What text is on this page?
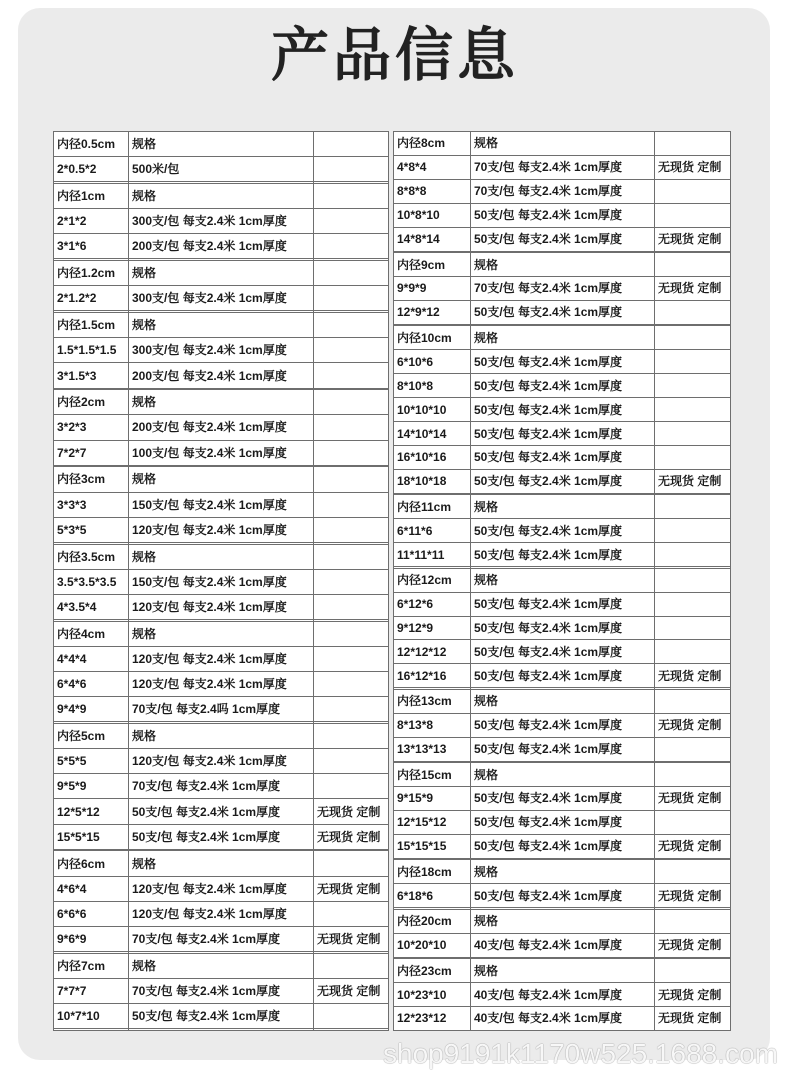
产品信息
内径0.5cm	规格	
2*0.5*2	500米/包	

内径1cm	规格	
2*1*2	300支/包 每支2.4米 1cm厚度	
3*1*6	200支/包 每支2.4米 1cm厚度	

内径1.2cm	规格	
2*1.2*2	300支/包 每支2.4米 1cm厚度	

内径1.5cm	规格	
1.5*1.5*1.5	300支/包 每支2.4米 1cm厚度	
3*1.5*3	200支/包 每支2.4米 1cm厚度	

内径2cm	规格	
3*2*3	200支/包 每支2.4米 1cm厚度	
7*2*7	100支/包 每支2.4米 1cm厚度	

内径3cm	规格	
3*3*3	150支/包 每支2.4米 1cm厚度	
5*3*5	120支/包 每支2.4米 1cm厚度	

内径3.5cm	规格	
3.5*3.5*3.5	150支/包 每支2.4米 1cm厚度	
4*3.5*4	120支/包 每支2.4米 1cm厚度	

内径4cm	规格	
4*4*4	120支/包 每支2.4米 1cm厚度	
6*4*6	120支/包 每支2.4米 1cm厚度	
9*4*9	70支/包 每支2.4吗 1cm厚度	

内径5cm	规格	
5*5*5	120支/包 每支2.4米 1cm厚度	
9*5*9	70支/包 每支2.4米 1cm厚度	
12*5*12	50支/包 每支2.4米 1cm厚度	无现货 定制
15*5*15	50支/包 每支2.4米 1cm厚度	无现货 定制

内径6cm	规格	
4*6*4	120支/包 每支2.4米 1cm厚度	无现货 定制
6*6*6	120支/包 每支2.4米 1cm厚度	
9*6*9	70支/包 每支2.4米 1cm厚度	无现货 定制

内径7cm	规格	
7*7*7	70支/包 每支2.4米 1cm厚度	无现货 定制
10*7*10	50支/包 每支2.4米 1cm厚度	

内径8cm	规格	
4*8*4	70支/包 每支2.4米 1cm厚度	无现货 定制
8*8*8	70支/包 每支2.4米 1cm厚度	
10*8*10	50支/包 每支2.4米 1cm厚度	
14*8*14	50支/包 每支2.4米 1cm厚度	无现货 定制

内径9cm	规格	
9*9*9	70支/包 每支2.4米 1cm厚度	无现货 定制
12*9*12	50支/包 每支2.4米 1cm厚度	

内径10cm	规格	
6*10*6	50支/包 每支2.4米 1cm厚度	
8*10*8	50支/包 每支2.4米 1cm厚度	
10*10*10	50支/包 每支2.4米 1cm厚度	
14*10*14	50支/包 每支2.4米 1cm厚度	
16*10*16	50支/包 每支2.4米 1cm厚度	
18*10*18	50支/包 每支2.4米 1cm厚度	无现货 定制

内径11cm	规格	
6*11*6	50支/包 每支2.4米 1cm厚度	
11*11*11	50支/包 每支2.4米 1cm厚度	

内径12cm	规格	
6*12*6	50支/包 每支2.4米 1cm厚度	
9*12*9	50支/包 每支2.4米 1cm厚度	
12*12*12	50支/包 每支2.4米 1cm厚度	
16*12*16	50支/包 每支2.4米 1cm厚度	无现货 定制

内径13cm	规格	
8*13*8	50支/包 每支2.4米 1cm厚度	无现货 定制
13*13*13	50支/包 每支2.4米 1cm厚度	

内径15cm	规格	
9*15*9	50支/包 每支2.4米 1cm厚度	无现货 定制
12*15*12	50支/包 每支2.4米 1cm厚度	
15*15*15	50支/包 每支2.4米 1cm厚度	无现货 定制

内径18cm	规格	
6*18*6	50支/包 每支2.4米 1cm厚度	无现货 定制

内径20cm	规格	
10*20*10	40支/包 每支2.4米 1cm厚度	无现货 定制

内径23cm	规格	
10*23*10	40支/包 每支2.4米 1cm厚度	无现货 定制
12*23*12	40支/包 每支2.4米 1cm厚度	无现货 定制
shop9191k1170w525.1688.com
